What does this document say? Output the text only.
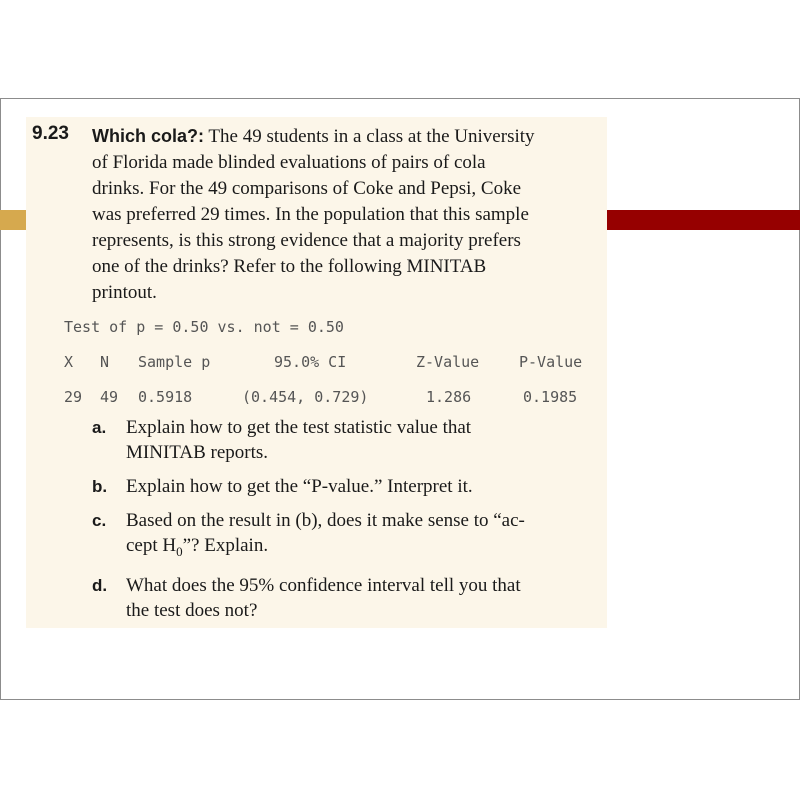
9.23 Which cola?: The 49 students in a class at the University
of Florida made blinded evaluations of pairs of cola
drinks. For the 49 comparisons of Coke and Pepsi, Coke
was preferred 29 times. In the population that this sample
represents, is this strong evidence that a majority prefers
one of the drinks? Refer to the following MINITAB
printout.
Test of p = 0.50 vs. not = 0.50
X N Sample p	95.0% CI	Z-Value	P-Value
29 49 0.5918	(0.454, 0.729)	1.286	0.1985
a.	Explain how to get the test statistic value that
MINITAB reports.
b. Explain how to get the “P-value.” Interpret it.
c.	Based on the result in (b), does it make sense to “ac-
cept $H_0$”? Explain.
d. What does the 95% confidence interval tell you that
the test does not?
